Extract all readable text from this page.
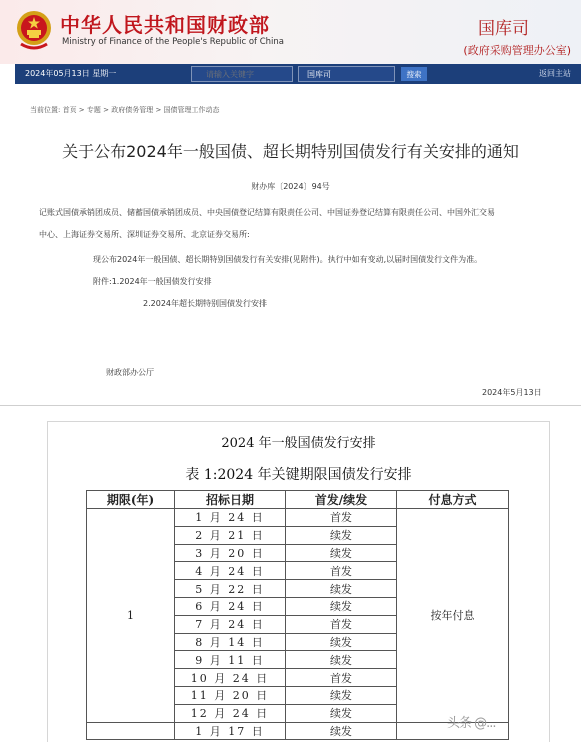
中华人民共和国财政部
Ministry of Finance of the People's Republic of China
国库司
(政府采购管理办公室)
2024年05月13日 星期一
请输入关键字	国库司	搜索	返回主站
当前位置: 首页 > 专题 > 政府债务管理 > 国债管理工作动态
关于公布2024年一般国债、超长期特别国债发行有关安排的通知
财办库〔2024〕94号
记账式国债承销团成员、储蓄国债承销团成员、中央国债登记结算有限责任公司、中国证券登记结算有限责任公司、中国外汇交易
中心、上海证券交易所、深圳证券交易所、北京证券交易所:
现公布2024年一般国债、超长期特别国债发行有关安排(见附件)。执行中如有变动,以届时国债发行文件为准。
附件:1.2024年一般国债发行安排
2.2024年超长期特别国债发行安排
财政部办公厅
2024年5月13日
2024 年一般国债发行安排
表 1:2024 年关键期限国债发行安排
期限(年)	招标日期	首发/续发	付息方式
1	1 月 24 日	首发	按年付息
	2 月 21 日	续发	
	3 月 20 日	续发	
	4 月 24 日	首发	
	5 月 22 日	续发	
	6 月 24 日	续发	
	7 月 24 日	首发	
	8 月 14 日	续发	
	9 月 11 日	续发	
	10 月 24 日	首发	
	11 月 20 日	续发	
	12 月 24 日	续发	
	1 月 17 日	续发	
头条 @...
